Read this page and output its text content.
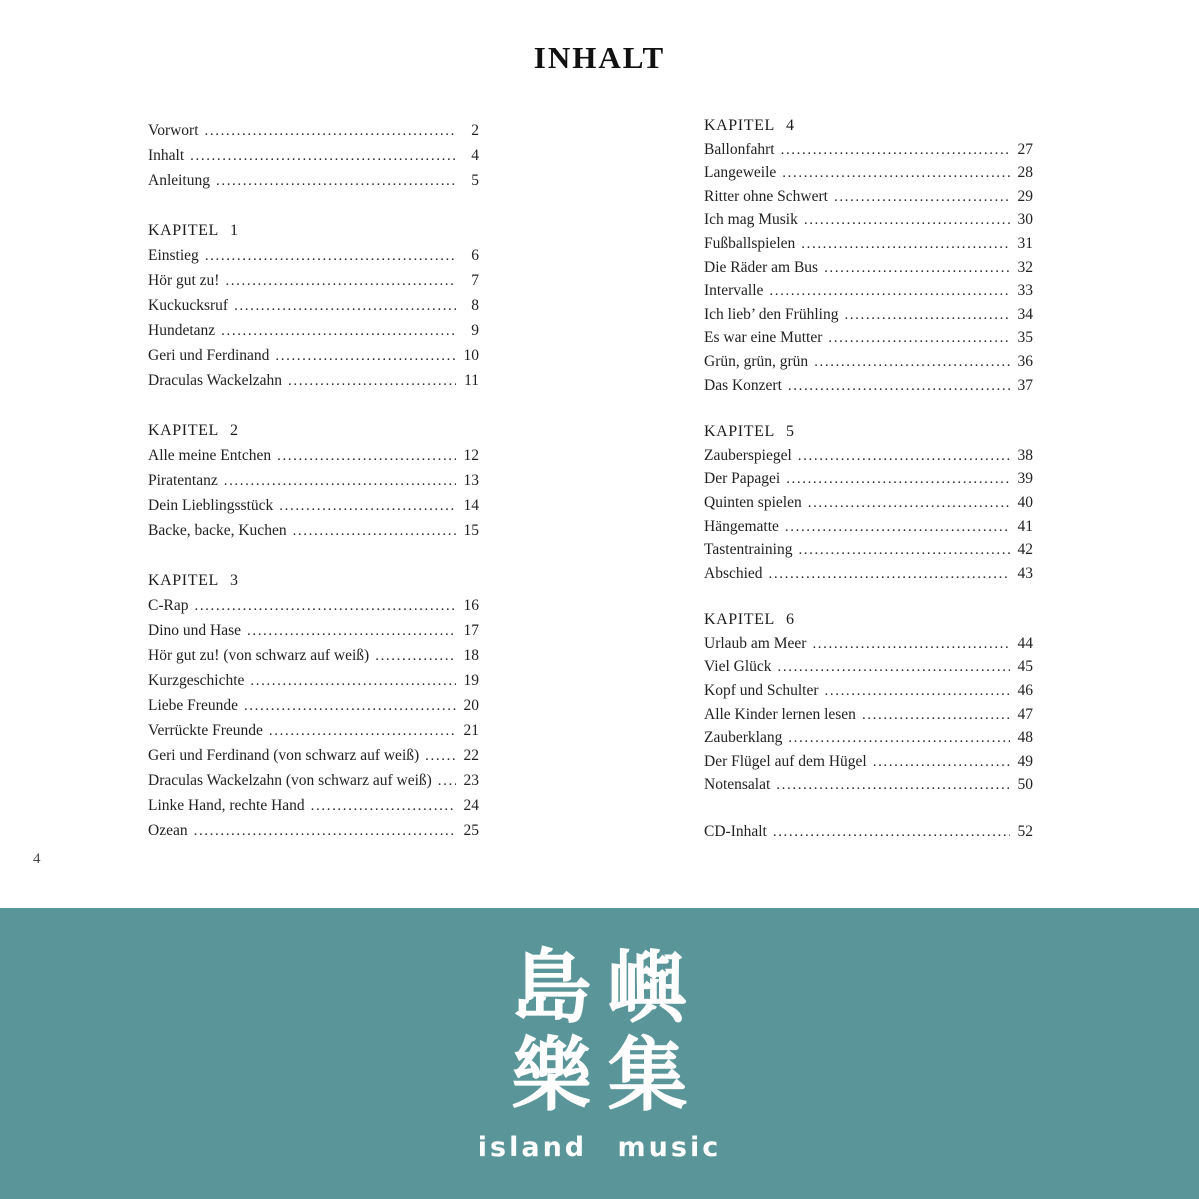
INHALT
Vorwort .....	2
Inhalt .....	4
Anleitung .....	5
KAPITEL 1
Einstieg .....	6
Hör gut zu! .....	7
Kuckucksruf .....	8
Hundetanz .....	9
Geri und Ferdinand .....	10
Draculas Wackelzahn .....	11
KAPITEL 2
Alle meine Entchen .....	12
Piratentanz .....	13
Dein Lieblingsstück .....	14
Backe, backe, Kuchen .....	15
KAPITEL 3
C-Rap .....	16
Dino und Hase .....	17
Hör gut zu! (von schwarz auf weiß) .....	18
Kurzgeschichte .....	19
Liebe Freunde .....	20
Verrückte Freunde .....	21
Geri und Ferdinand (von schwarz auf weiß) .....	22
Draculas Wackelzahn (von schwarz auf weiß) ..... 23
Linke Hand, rechte Hand .....	24
Ozean .....	25
KAPITEL 4
Ballonfahrt .....	27
Langeweile .....	28
Ritter ohne Schwert .....	29
Ich mag Musik .....	30
Fußballspielen .....	31
Die Räder am Bus .....	32
Intervalle .....	33
Ich lieb’ den Frühling .....	34
Es war eine Mutter .....	35
Grün, grün, grün .....	36
Das Konzert .....	37
KAPITEL 5
Zauberspiegel .....	38
Der Papagei .....	39
Quinten spielen .....	40
Hängematte .....	41
Tastentraining .....	42
Abschied .....	43
KAPITEL 6
Urlaub am Meer .....	44
Viel Glück .....	45
Kopf und Schulter .....	46
Alle Kinder lernen lesen .....	47
Zauberklang .....	48
Der Flügel auf dem Hügel .....	49
Notensalat .....	50
CD-Inhalt .....	52
4
島嶼
樂集
island music
